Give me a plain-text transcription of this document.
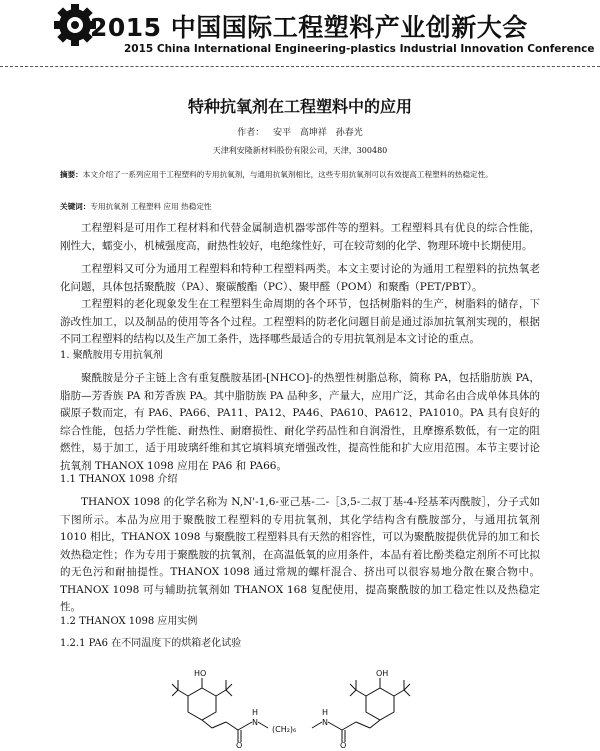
2015 中国国际工程塑料产业创新大会
2015 China International Engineering-plastics Industrial Innovation Conference
特种抗氧剂在工程塑料中的应用
作者： 安平 高坤祥 孙春光
天津利安隆新材料股份有限公司，天津，300480
摘要：本文介绍了一系列应用于工程塑料的专用抗氧剂，与通用抗氧剂相比，这些专用抗氧剂可以有效提高工程塑料的热稳定性。
关键词：专用抗氧剂 工程塑料 应用 热稳定性
工程塑料是可用作工程材料和代替金属制造机器零部件等的塑料。工程塑料具有优良的综合性能，刚性大，蠕变小，机械强度高，耐热性较好，电绝缘性好，可在较苛刻的化学、物理环境中长期使用。
工程塑料又可分为通用工程塑料和特种工程塑料两类。本文主要讨论的为通用工程塑料的抗热氧老化问题，具体包括聚酰胺（PA）、聚碳酸酯（PC）、聚甲醛（POM）和聚酯（PET/PBT）。
工程塑料的老化现象发生在工程塑料生命周期的各个环节，包括树脂料的生产，树脂料的储存，下游改性加工，以及制品的使用等各个过程。工程塑料的防老化问题目前是通过添加抗氧剂实现的，根据不同工程塑料的结构以及生产加工条件，选择哪些最适合的专用抗氧剂是本文讨论的重点。
1. 聚酰胺用专用抗氧剂
聚酰胺是分子主链上含有重复酰胺基团-[NHCO]-的热塑性树脂总称，简称 PA，包括脂肪族 PA，脂肪—芳香族 PA 和芳香族 PA。其中脂肪族 PA 品种多，产量大，应用广泛，其命名由合成单体具体的碳原子数而定，有 PA6、PA66、PA11、PA12、PA46、PA610、PA612、PA1010。PA 具有良好的综合性能，包括力学性能、耐热性、耐磨损性、耐化学药品性和自润滑性，且摩擦系数低，有一定的阻燃性，易于加工，适于用玻璃纤维和其它填料填充增强改性，提高性能和扩大应用范围。本节主要讨论抗氧剂 THANOX 1098 应用在 PA6 和 PA66。
1.1 THANOX 1098 介绍
THANOX 1098 的化学名称为 N,N'-1,6-亚己基-二-［3,5-二叔丁基-4-羟基苯丙酰胺］，分子式如下图所示。本品为应用于聚酰胺工程塑料的专用抗氧剂，其化学结构含有酰胺部分，与通用抗氧剂 1010 相比，THANOX 1098 与聚酰胺工程塑料具有天然的相容性，可以为聚酰胺提供优异的加工和长效热稳定性；作为专用于聚酰胺的抗氧剂，在高温低氧的应用条件，本品有着比酚类稳定剂所不可比拟的无色污和耐抽提性。THANOX 1098 通过常规的螺杆混合、挤出可以很容易地分散在聚合物中。THANOX 1098 可与辅助抗氧剂如 THANOX 168 复配使用，提高聚酰胺的加工稳定性以及热稳定性。
1.2 THANOX 1098 应用实例
1.2.1 PA6 在不同温度下的烘箱老化试验
HO	OH
N
H
N
H
O	O
(CH₂)₆
